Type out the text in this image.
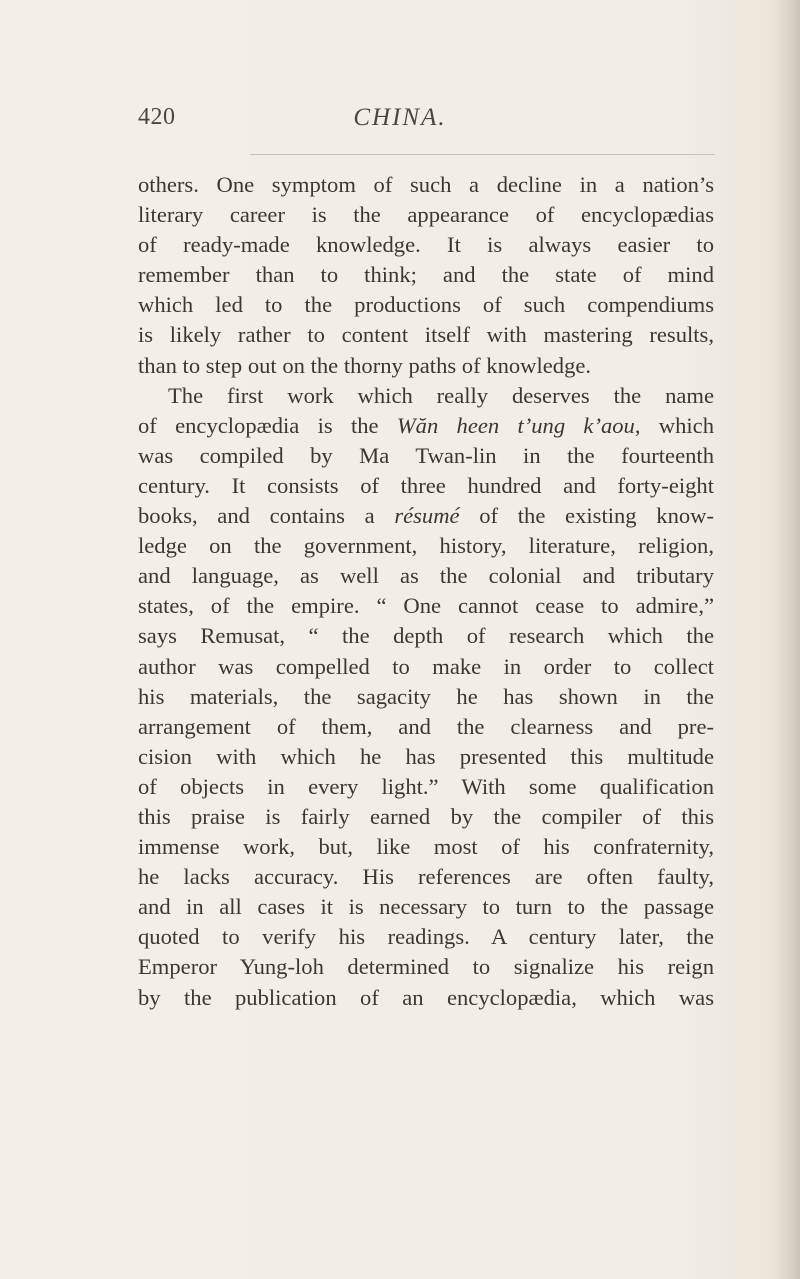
420	CHINA.
others. One symptom of such a decline in a nation’s
literary career is the appearance of encyclopædias
of ready-made knowledge. It is always easier to
remember than to think; and the state of mind
which led to the productions of such compendiums
is likely rather to content itself with mastering results,
than to step out on the thorny paths of knowledge.
The first work which really deserves the name
of encyclopædia is the Wăn heen t’ung k’aou, which
was compiled by Ma Twan-lin in the fourteenth
century. It consists of three hundred and forty-eight
books, and contains a résumé of the existing know-
ledge on the government, history, literature, religion,
and language, as well as the colonial and tributary
states, of the empire. “ One cannot cease to admire,”
says Remusat, “ the depth of research which the
author was compelled to make in order to collect
his materials, the sagacity he has shown in the
arrangement of them, and the clearness and pre-
cision with which he has presented this multitude
of objects in every light.” With some qualification
this praise is fairly earned by the compiler of this
immense work, but, like most of his confraternity,
he lacks accuracy. His references are often faulty,
and in all cases it is necessary to turn to the passage
quoted to verify his readings. A century later, the
Emperor Yung-loh determined to signalize his reign
by the publication of an encyclopædia, which was
